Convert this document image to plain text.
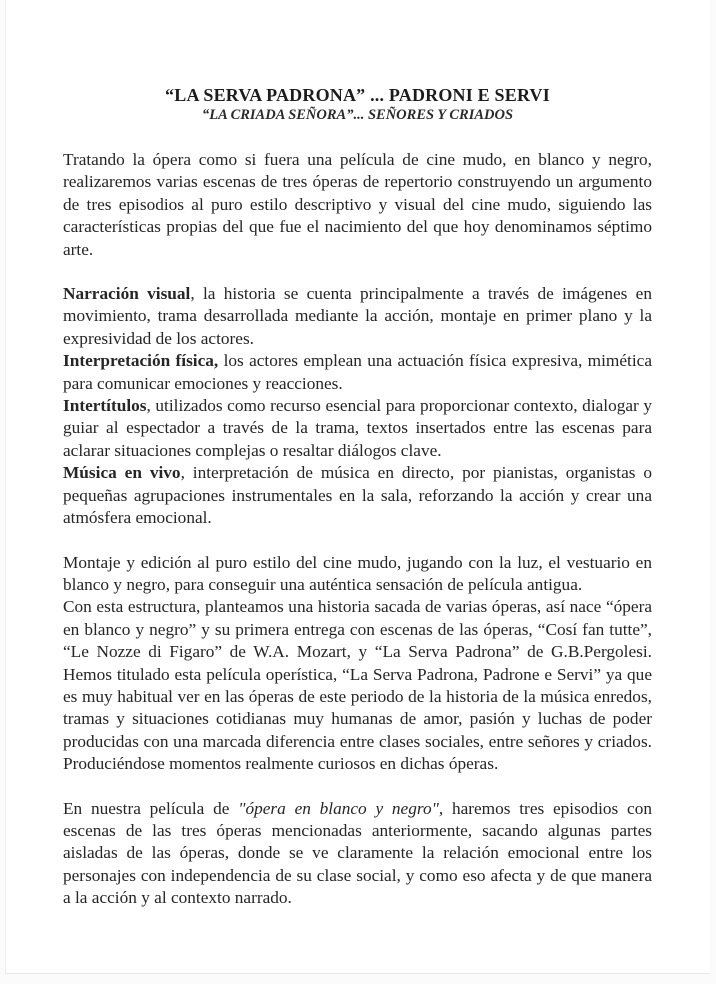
“LA SERVA PADRONA” ... PADRONI E SERVI
“LA CRIADA SEÑORA”... SEÑORES Y CRIADOS

Tratando la ópera como si fuera una película de cine mudo, en blanco y negro, realizaremos varias escenas de tres óperas de repertorio construyendo un argumento de tres episodios al puro estilo descriptivo y visual del cine mudo, siguiendo las características propias del que fue el nacimiento del que hoy denominamos séptimo arte.

Narración visual, la historia se cuenta principalmente a través de imágenes en movimiento, trama desarrollada mediante la acción, montaje en primer plano y la expresividad de los actores.

Interpretación física, los actores emplean una actuación física expresiva, mimética para comunicar emociones y reacciones.

Intertítulos, utilizados como recurso esencial para proporcionar contexto, dialogar y guiar al espectador a través de la trama, textos insertados entre las escenas para aclarar situaciones complejas o resaltar diálogos clave.

Música en vivo, interpretación de música en directo, por pianistas, organistas o pequeñas agrupaciones instrumentales en la sala, reforzando la acción y crear una atmósfera emocional.

Montaje y edición al puro estilo del cine mudo, jugando con la luz, el vestuario en blanco y negro, para conseguir una auténtica sensación de película antigua.

Con esta estructura, planteamos una historia sacada de varias óperas, así nace “ópera en blanco y negro” y su primera entrega con escenas de las óperas, “Cosí fan tutte”, “Le Nozze di Figaro” de W.A. Mozart, y “La Serva Padrona” de G.B.Pergolesi. Hemos titulado esta película operística, “La Serva Padrona, Padrone e Servi” ya que es muy habitual ver en las óperas de este periodo de la historia de la música enredos, tramas y situaciones cotidianas muy humanas de amor, pasión y luchas de poder producidas con una marcada diferencia entre clases sociales, entre señores y criados. Produciéndose momentos realmente curiosos en dichas óperas.

En nuestra película de "ópera en blanco y negro", haremos tres episodios con escenas de las tres óperas mencionadas anteriormente, sacando algunas partes aisladas de las óperas, donde se ve claramente la relación emocional entre los personajes con independencia de su clase social, y como eso afecta y de que manera a la acción y al contexto narrado.
